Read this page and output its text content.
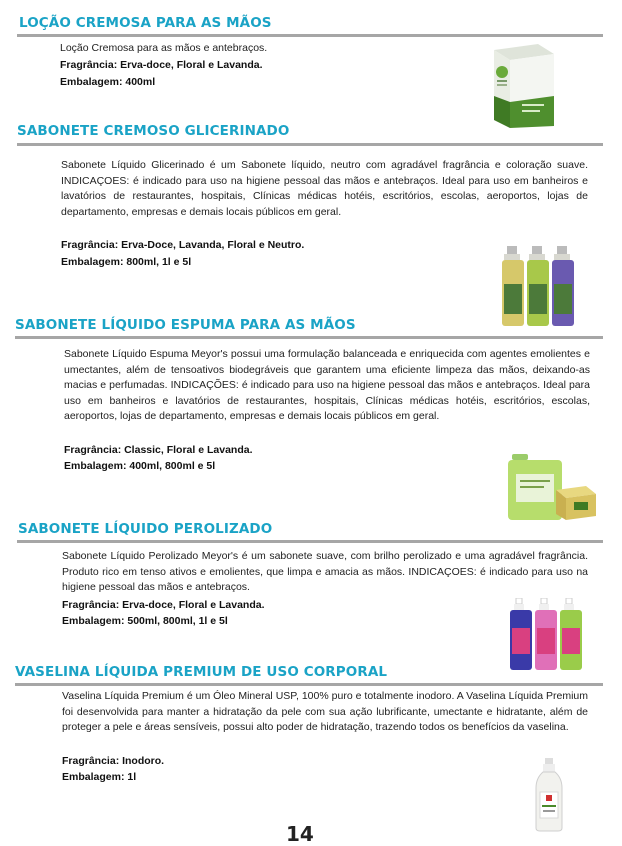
LOÇÃO CREMOSA PARA AS MÃOS

Loção Cremosa para as mãos e antebraços.

Fragrância: Erva-doce, Floral e Lavanda.

Embalagem: 400ml

SABONETE CREMOSO GLICERINADO

Sabonete Líquido Glicerinado é um Sabonete líquido, neutro com agradável fragrância e coloração suave. INDICAÇOES: é indicado para uso na higiene pessoal das mãos e antebraços. Ideal para uso em banheiros e lavatórios de restaurantes, hospitais, Clínicas médicas hotéis, escritórios, escolas, aeroportos, lojas de departamento, empresas e demais locais públicos em geral.

Fragrância: Erva-Doce, Lavanda, Floral e Neutro.

Embalagem: 800ml, 1l e 5l

SABONETE LÍQUIDO ESPUMA PARA AS MÃOS

Sabonete Líquido Espuma Meyor's possui uma formulação balanceada e enriquecida com agentes emolientes e umectantes, além de tensoativos biodegráveis que garantem uma eficiente limpeza das mãos, deixando-as macias e perfumadas. INDICAÇÕES: é indicado para uso na higiene pessoal das mãos e antebraços. Ideal para uso em banheiros e lavatórios de restaurantes, hospitais, Clínicas médicas hotéis, escritórios, escolas, aeroportos, lojas de departamento, empresas e demais locais públicos em geral.

Fragrância: Classic, Floral e Lavanda.

Embalagem: 400ml, 800ml e 5l

SABONETE LÍQUIDO PEROLIZADO

Sabonete Líquido Perolizado Meyor's é um sabonete suave, com brilho perolizado e uma agradável fragrância. Produto rico em tenso ativos e emolientes, que limpa e amacia as mãos. INDICAÇOES: é indicado para uso na higiene pessoal das mãos e antebraços.

Fragrância: Erva-doce, Floral e Lavanda.

Embalagem: 500ml, 800ml, 1l e 5l

VASELINA LÍQUIDA PREMIUM DE USO CORPORAL

Vaselina Líquida Premium é um Óleo Mineral USP, 100% puro e totalmente inodoro. A Vaselina Líquida Premium foi desenvolvida para manter a hidratação da pele com sua ação lubrificante, umectante e hidratante, além de proteger a pele e áreas sensíveis, possui alto poder de hidratação, trazendo todos os benefícios da vaselina.

Fragrância: Inodoro.

Embalagem: 1l

14
